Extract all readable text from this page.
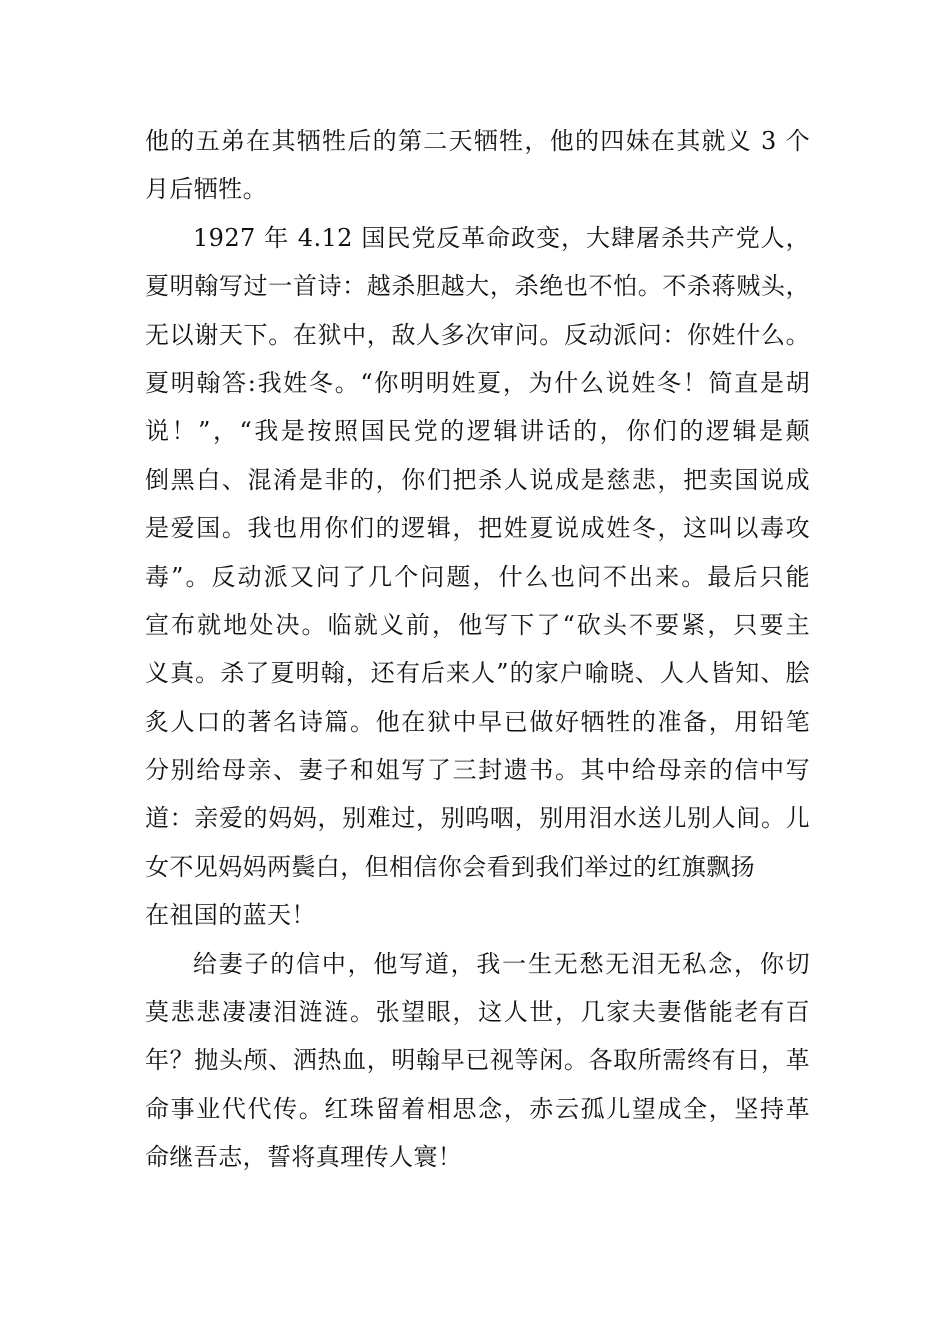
他的五弟在其牺牲后的第二天牺牲，他的四妹在其就义 3 个
月后牺牲。
1927 年 4.12 国民党反革命政变，大肆屠杀共产党人，
夏明翰写过一首诗：越杀胆越大，杀绝也不怕。不杀蒋贼头，
无以谢天下。在狱中，敌人多次审问。反动派问：你姓什么。
夏明翰答:我姓冬。“你明明姓夏，为什么说姓冬！简直是胡
说！”，“我是按照国民党的逻辑讲话的，你们的逻辑是颠
倒黑白、混淆是非的，你们把杀人说成是慈悲，把卖国说成
是爱国。我也用你们的逻辑，把姓夏说成姓冬，这叫以毒攻
毒”。反动派又问了几个问题，什么也问不出来。最后只能
宣布就地处决。临就义前，他写下了“砍头不要紧，只要主
义真。杀了夏明翰，还有后来人”的家户喻晓、人人皆知、脍
炙人口的著名诗篇。他在狱中早已做好牺牲的准备，用铅笔
分别给母亲、妻子和姐写了三封遗书。其中给母亲的信中写
道：亲爱的妈妈，别难过，别呜咽，别用泪水送儿别人间。儿
女不见妈妈两鬓白，但相信你会看到我们举过的红旗飘扬
在祖国的蓝天！
给妻子的信中，他写道，我一生无愁无泪无私念，你切
莫悲悲凄凄泪涟涟。张望眼，这人世，几家夫妻偕能老有百
年？抛头颅、洒热血，明翰早已视等闲。各取所需终有日，革
命事业代代传。红珠留着相思念，赤云孤儿望成全，坚持革
命继吾志，誓将真理传人寰！
